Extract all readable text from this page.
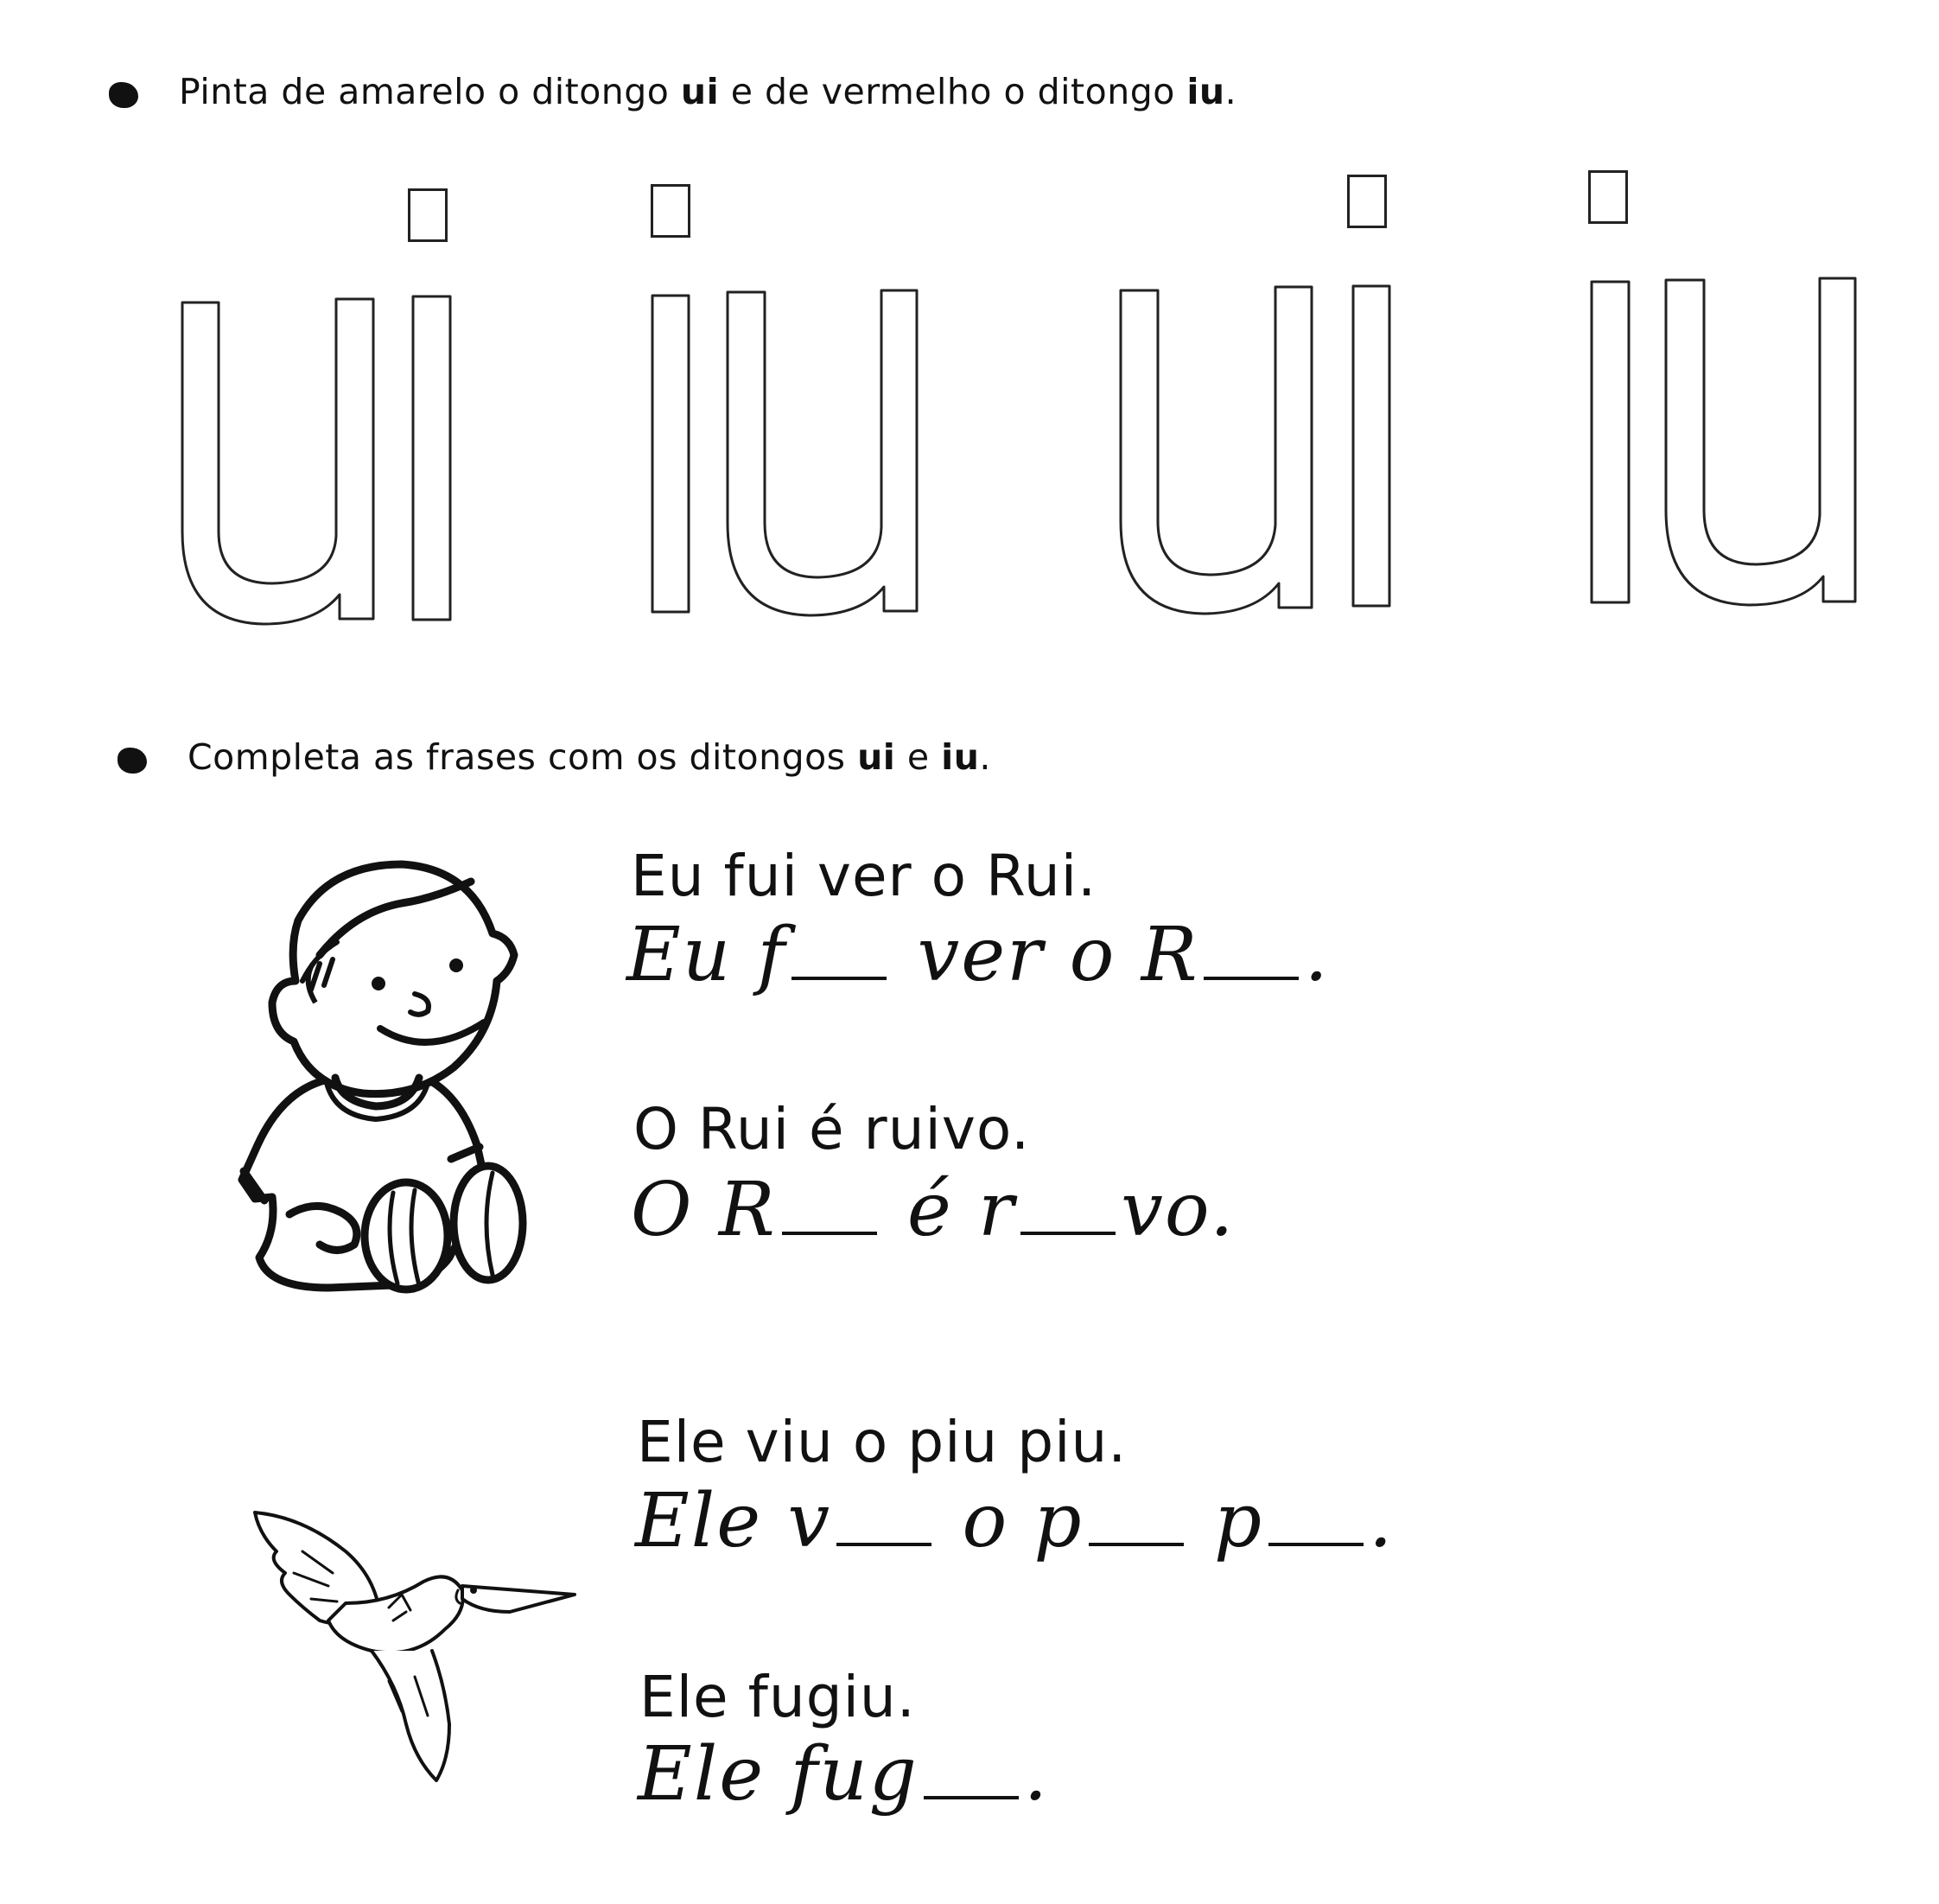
Pinta de amarelo o ditongo ui e de vermelho o ditongo iu.
Completa as frases com os ditongos ui e iu.
Eu fui ver o Rui.
Eu f ver o R .
O Rui é ruivo.
O R é r vo.
Ele viu o piu piu.
Ele v o p p .
Ele fugiu.
Ele fug .
